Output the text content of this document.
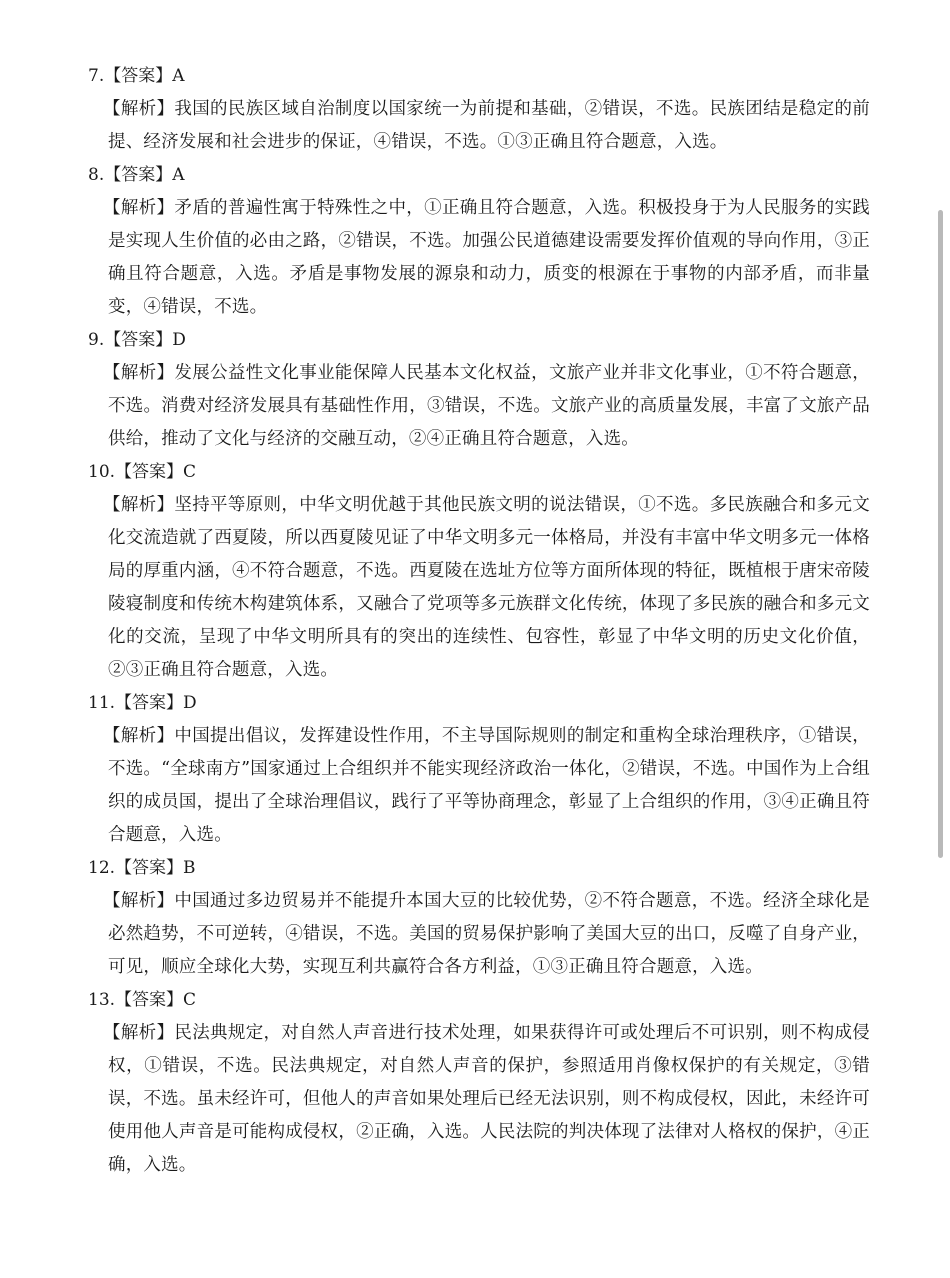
7.【答案】A
【解析】我国的民族区域自治制度以国家统一为前提和基础，②错误，不选。民族团结是稳定的前提、经济发展和社会进步的保证，④错误，不选。①③正确且符合题意，入选。
8.【答案】A
【解析】矛盾的普遍性寓于特殊性之中，①正确且符合题意，入选。积极投身于为人民服务的实践是实现人生价值的必由之路，②错误，不选。加强公民道德建设需要发挥价值观的导向作用，③正确且符合题意，入选。矛盾是事物发展的源泉和动力，质变的根源在于事物的内部矛盾，而非量变，④错误，不选。
9.【答案】D
【解析】发展公益性文化事业能保障人民基本文化权益，文旅产业并非文化事业，①不符合题意，不选。消费对经济发展具有基础性作用，③错误，不选。文旅产业的高质量发展，丰富了文旅产品供给，推动了文化与经济的交融互动，②④正确且符合题意，入选。
10.【答案】C
【解析】坚持平等原则，中华文明优越于其他民族文明的说法错误，①不选。多民族融合和多元文化交流造就了西夏陵，所以西夏陵见证了中华文明多元一体格局，并没有丰富中华文明多元一体格局的厚重内涵，④不符合题意，不选。西夏陵在选址方位等方面所体现的特征，既植根于唐宋帝陵陵寝制度和传统木构建筑体系，又融合了党项等多元族群文化传统，体现了多民族的融合和多元文化的交流，呈现了中华文明所具有的突出的连续性、包容性，彰显了中华文明的历史文化价值，②③正确且符合题意，入选。
11.【答案】D
【解析】中国提出倡议，发挥建设性作用，不主导国际规则的制定和重构全球治理秩序，①错误，不选。“全球南方”国家通过上合组织并不能实现经济政治一体化，②错误，不选。中国作为上合组织的成员国，提出了全球治理倡议，践行了平等协商理念，彰显了上合组织的作用，③④正确且符合题意，入选。
12.【答案】B
【解析】中国通过多边贸易并不能提升本国大豆的比较优势，②不符合题意，不选。经济全球化是必然趋势，不可逆转，④错误，不选。美国的贸易保护影响了美国大豆的出口，反噬了自身产业，可见，顺应全球化大势，实现互利共赢符合各方利益，①③正确且符合题意，入选。
13.【答案】C
【解析】民法典规定，对自然人声音进行技术处理，如果获得许可或处理后不可识别，则不构成侵权，①错误，不选。民法典规定，对自然人声音的保护，参照适用肖像权保护的有关规定，③错误，不选。虽未经许可，但他人的声音如果处理后已经无法识别，则不构成侵权，因此，未经许可使用他人声音是可能构成侵权，②正确，入选。人民法院的判决体现了法律对人格权的保护，④正确，入选。
